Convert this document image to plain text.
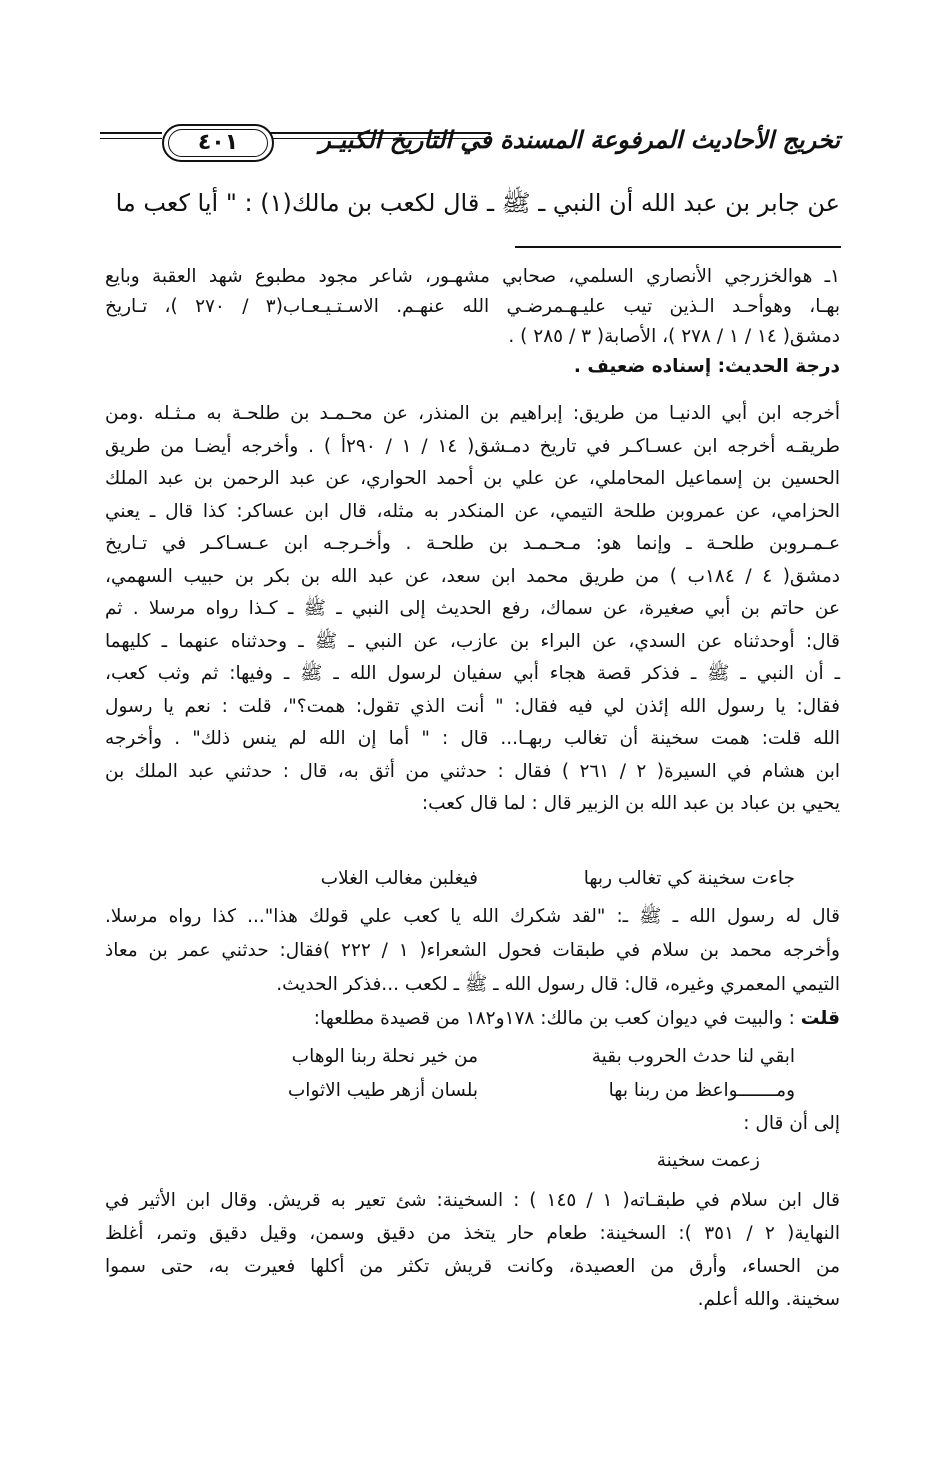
تخريج الأحاديث المرفوعة المسندة في التاريخ الكبيـر
٤٠١
عن جابر بن عبد الله أن النبي ـ ﷺ ـ قال لكعب بن مالك(١) : " أيا كعب ما
١ـ هوالخزرجي الأنصاري السلمي، صحابي مشهـور، شاعر مجود مطبوع شهد العقبة وبايع
بهـا، وهوأحـد الـذين تيب عليـهـمرضـي الله عنهـم. الاسـتـيـعـاب(٣ / ٢٧٠ )، تـاريخ
دمشق( ١٤ / ١ / ٢٧٨ )، الأصابة( ٣ / ٢٨٥ ) .
درجة الحديث: إسناده ضعيف .
أخرجه ابن أبي الدنيـا من طريق: إبراهيم بن المنذر، عن محـمـد بن طلحـة به مـثـله .ومن
طريقـه أخرجه ابن عسـاكـر في تاريخ دمـشق( ١٤ / ١ / ٢٩٠أ ) . وأخرجه أيضـا من طريق
الحسين بن إسماعيل المحاملي، عن علي بن أحمد الحواري، عن عبد الرحمن بن عبد الملك
الحزامي، عن عمروبن طلحة التيمي، عن المنكدر به مثله، قال ابن عساكر: كذا قال ـ يعني
عـمـروبن طلحـة ـ وإنما هو: مـحـمـد بن طلحـة . وأخـرجـه ابن عـسـاكـر في تـاريخ
دمشق( ٤ / ١٨٤ب ) من طريق محمد ابن سعد، عن عبد الله بن بكر بن حبيب السهمي،
عن حاتم بن أبي صغيرة، عن سماك، رفع الحديث إلى النبي ـ ﷺ ـ كـذا رواه مرسلا . ثم
قال: أوحدثناه عن السدي، عن البراء بن عازب، عن النبي ـ ﷺ ـ وحدثناه عنهما ـ كليهما
ـ أن النبي ـ ﷺ ـ فذكر قصة هجاء أبي سفيان لرسول الله ـ ﷺ ـ وفيها: ثم وثب كعب،
فقال: يا رسول الله إئذن لي فيه فقال: " أنت الذي تقول: همت؟"، قلت : نعم يا رسول
الله قلت: همت سخينة أن تغالب ربهـا... قال : " أما إن الله لم ينس ذلك" . وأخرجه
ابن هشام في السيرة( ٢ / ٢٦١ ) فقال : حدثني من أثق به، قال : حدثني عبد الملك بن
يحيي بن عباد بن عبد الله بن الزبير قال : لما قال كعب:
جاءت سخينة كي تغالب ربها
فيغلبن مغالب الغلاب
قال له رسول الله ـ ﷺ ـ: "لقد شكرك الله يا كعب علي قولك هذا"... كذا رواه مرسلا.
وأخرجه محمد بن سلام في طبقات فحول الشعراء( ١ / ٢٢٢ )فقال: حدثني عمر بن معاذ
التيمي المعمري وغيره، قال: قال رسول الله ـ ﷺ ـ لكعب ...فذكر الحديث.
قلت : والبيت في ديوان كعب بن مالك: ١٧٨و١٨٢ من قصيدة مطلعها:
ابقي لنا حدث الحروب بقية
من خير نحلة ربنا الوهاب
ومـــــــواعظ من ربنا بها
بلسان أزهر طيب الاثواب
إلى أن قال :
زعمت سخينة
قال ابن سلام في طبقـاته( ١ / ١٤٥ ) : السخينة: شئ تعير به قريش. وقال ابن الأثير في
النهاية( ٢ / ٣٥١ ): السخينة: طعام حار يتخذ من دقيق وسمن، وقيل دقيق وتمر، أغلظ
من الحساء، وأرق من العصيدة، وكانت قريش تكثر من أكلها فعيرت به، حتى سموا
سخينة. والله أعلم.
